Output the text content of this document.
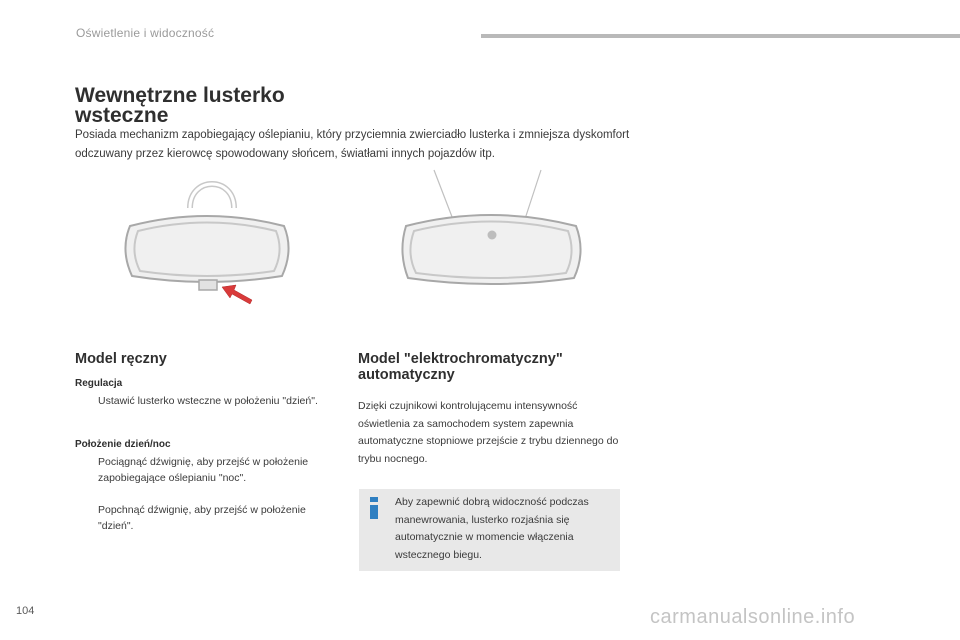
Oświetlenie i widoczność
Wewnętrzne lusterko wsteczne
Posiada mechanizm zapobiegający oślepianiu, który przyciemnia zwierciadło lusterka i zmniejsza dyskomfort odczuwany przez kierowcę spowodowany słońcem, światłami innych pojazdów itp.
Model ręczny
Regulacja
Ustawić lusterko wsteczne w położeniu "dzień".
Położenie dzień/noc
Pociągnąć dźwignię, aby przejść w położenie zapobiegające oślepianiu "noc".
Popchnąć dźwignię, aby przejść w położenie "dzień".
Model "elektrochromatyczny" automatyczny
Dzięki czujnikowi kontrolującemu intensywność oświetlenia za samochodem system zapewnia automatyczne stopniowe przejście z trybu dziennego do trybu nocnego.
Aby zapewnić dobrą widoczność podczas manewrowania, lusterko rozjaśnia się automatycznie w momencie włączenia wstecznego biegu.
104	carmanualsonline.info
